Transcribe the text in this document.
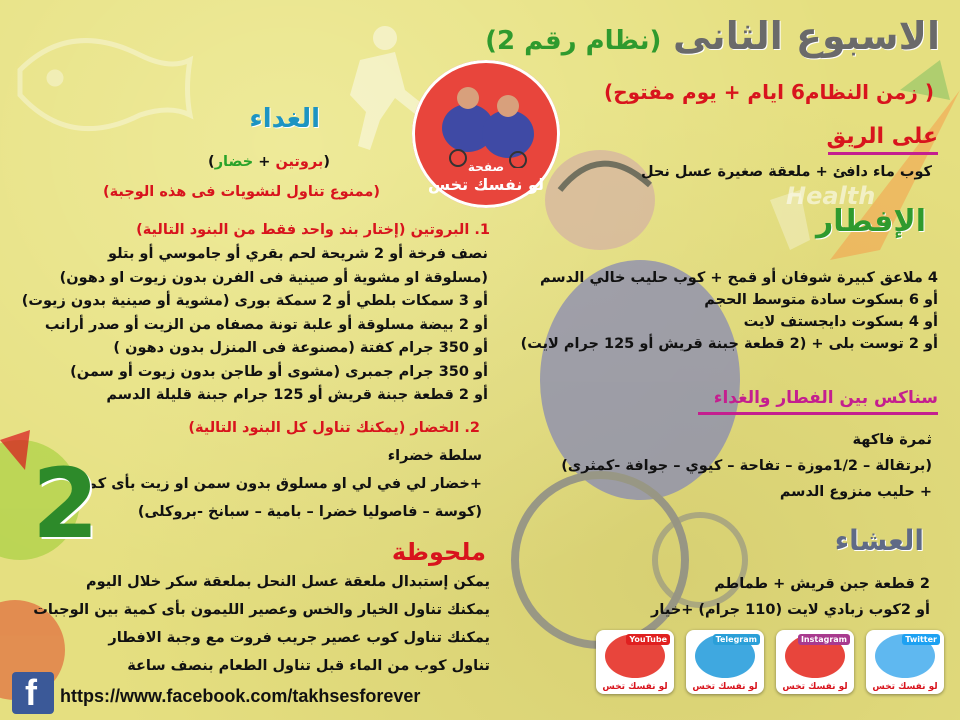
الاسبوع الثانى (نظام رقم 2)
( زمن النظام6 ايام + يوم مفتوح)
صفحة
لو نفسك تخس	Health
على الريق
كوب ماء دافئ + ملعقة صغيرة عسل نحل
الإفطار
4 ملاعق كبيرة شوفان أو قمح + كوب حليب خالي الدسم
أو 6 بسكوت سادة متوسط الحجم
أو 4 بسكوت دايجستف لايت
أو 2 توست بلى + (2 قطعة جبنة قريش أو 125 جرام لايت)
سناكس بين الفطار والغداء
ثمرة فاكهة
(برتقالة – 1/2موزة – تفاحة – كيوي – جوافة -كمثرى)
+ حليب منزوع الدسم
العشاء
2 قطعة جبن قريش + طماطم
أو 2كوب زبادي لايت (110 جرام) +خيار
الغداء
(بروتين + خضار)
(ممنوع تناول لنشويات فى هذه الوجبة)
1. البروتين (إختار بند واحد فقط من البنود التالية)
نصف فرخة أو 2 شريحة لحم بقري أو جاموسي أو بتلو
(مسلوقة او مشوية أو صينية فى الفرن بدون زيوت او دهون)
أو 3 سمكات بلطي أو 2 سمكة بورى (مشوية أو صينية بدون زيوت)
أو 2 بيضة مسلوقة أو علبة تونة مصفاه من الزيت أو صدر أرانب
أو 350 جرام كفتة (مصنوعة فى المنزل بدون دهون )
أو 350 جرام جمبرى (مشوى أو طاجن بدون زيوت أو سمن)
أو 2 قطعة جبنة قريش أو 125 جرام جبنة قليلة الدسم
2. الخضار (يمكنك تناول كل البنود التالية)
سلطة خضراء
+خضار لي في لي او مسلوق بدون سمن او زيت بأى كمية
(كوسة – فاصوليا خضرا – بامية – سبانخ -بروكلى)
2	ملحوظة
يمكن إستبدال ملعقة عسل النحل بملعقة سكر خلال اليوم
يمكنك تناول الخيار والخس وعصير الليمون بأى كمية بين الوجبات
يمكنك تناول كوب عصير جريب فروت مع وجبة الافطار
تناول كوب من الماء قبل تناول الطعام بنصف ساعة
f https://www.facebook.com/takhsesforever
YouTube
لو نفسك تخس
Telegram
لو نفسك تخس
Instagram
لو نفسك تخس
Twitter
لو نفسك تخس
